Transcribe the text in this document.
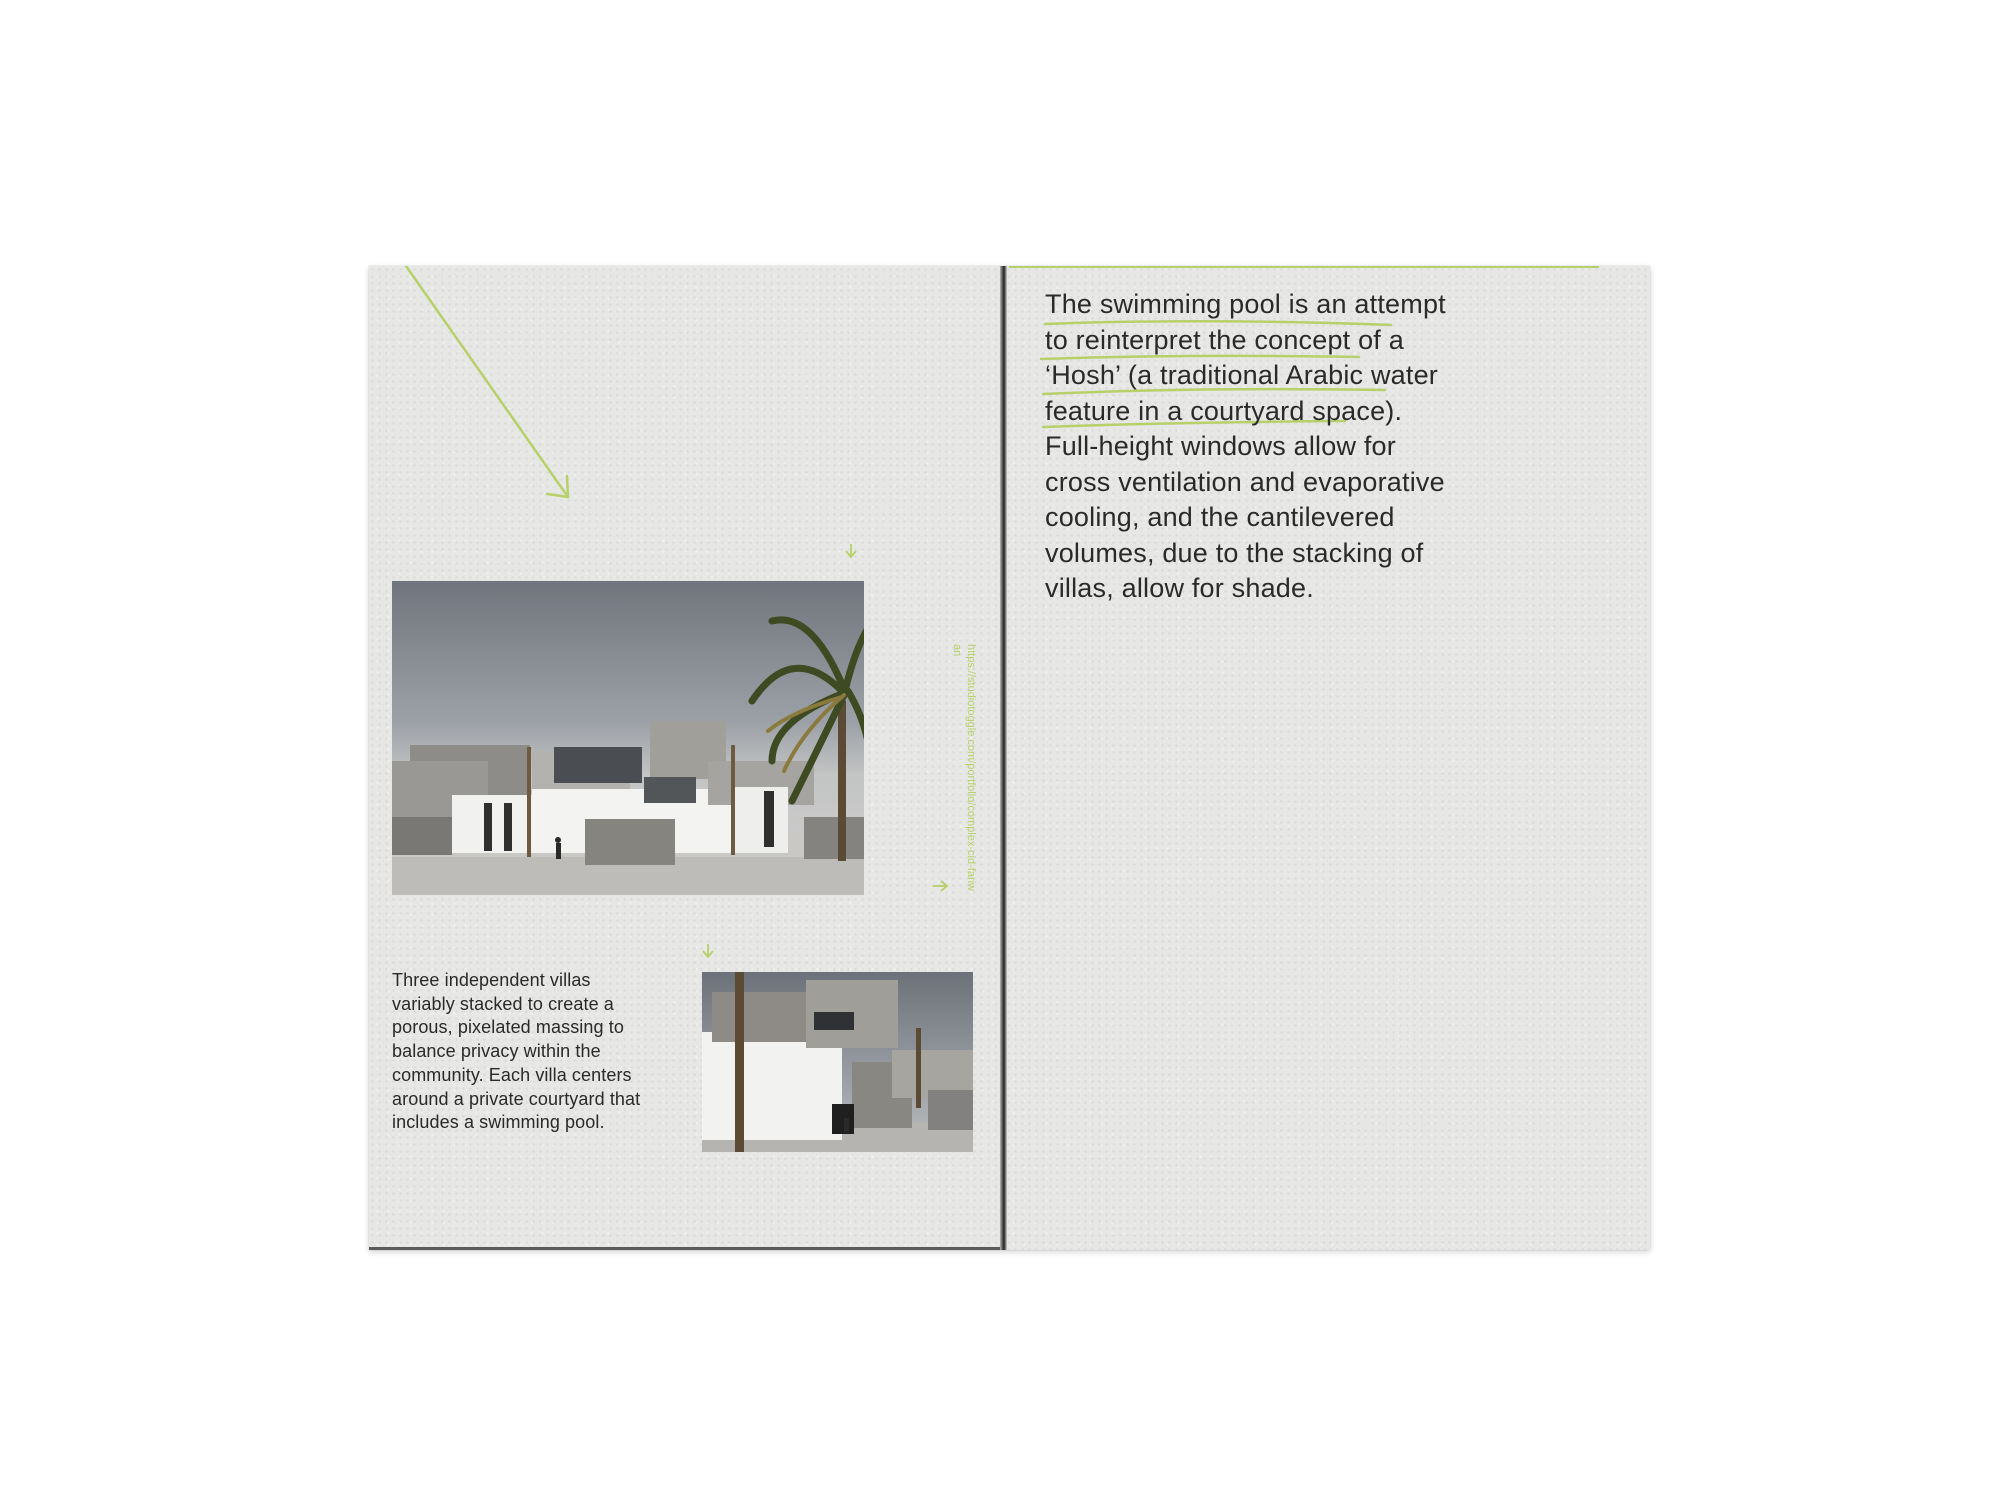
Three independent villas variably stacked to create a porous, pixelated massing to balance privacy within the community. Each villa centers around a private courtyard that includes a swimming pool.

https://studiotoggle.com/portfolio/complex-cid-fariwan

The swimming pool is an attempt

to reinterpret the concept of a

‘Hosh’ (a traditional Arabic water

feature in a courtyard space).

Full-height windows allow for

cross ventilation and evaporative

cooling, and the cantilevered

volumes, due to the stacking of

villas, allow for shade.
